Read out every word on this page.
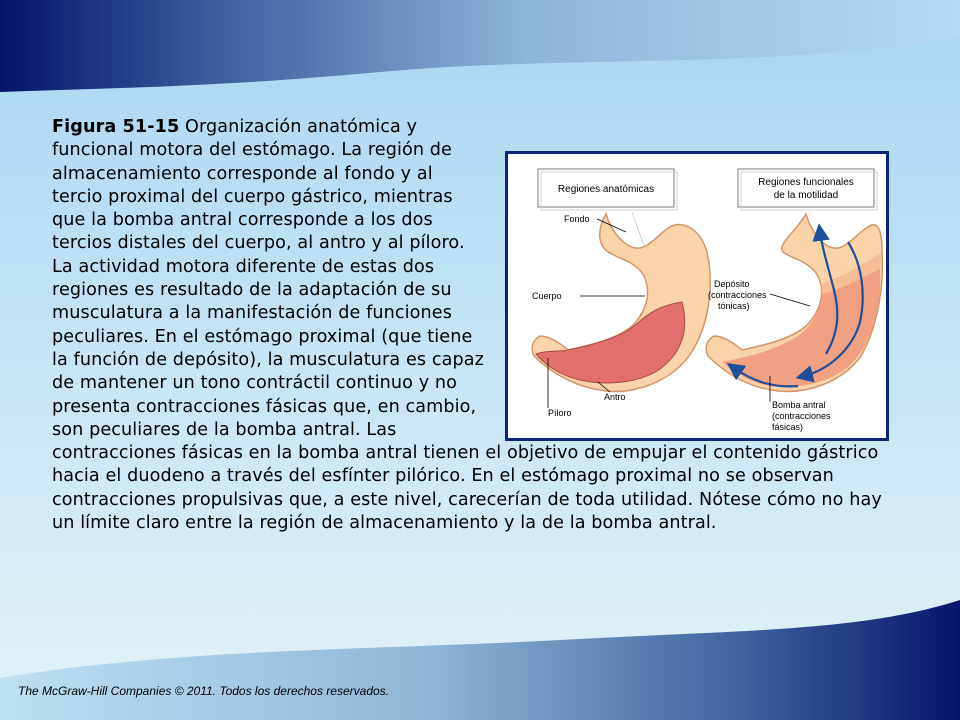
Figura 51-15 Organización anatómica y funcional motora del estómago. La región de almacenamiento corresponde al fondo y al tercio proximal del cuerpo gástrico, mientras que la bomba antral corresponde a los dos tercios distales del cuerpo, al antro y al píloro. La actividad motora diferente de estas dos regiones es resultado de la adaptación de su musculatura a la manifestación de funciones peculiares. En el estómago proximal (que tiene la función de depósito), la musculatura es capaz de mantener un tono contráctil continuo y no presenta contracciones fásicas que, en cambio, son peculiares de la bomba antral. Las contracciones fásicas en la bomba antral tienen el objetivo de empujar el contenido gástrico hacia el duodeno a través del esfínter pilórico. En el estómago proximal no se observan contracciones propulsivas que, a este nivel, carecerían de toda utilidad. Nótese cómo no hay un límite claro entre la región de almacenamiento y la de la bomba antral.
Regiones anatómicas
Fondo
Cuerpo
Antro
Píloro
Regiones funcionales
de la motilidad
Depósito
(contracciones
tónicas)
Bomba antral
(contracciones
fásicas)
The McGraw-Hill Companies © 2011. Todos los derechos reservados.
